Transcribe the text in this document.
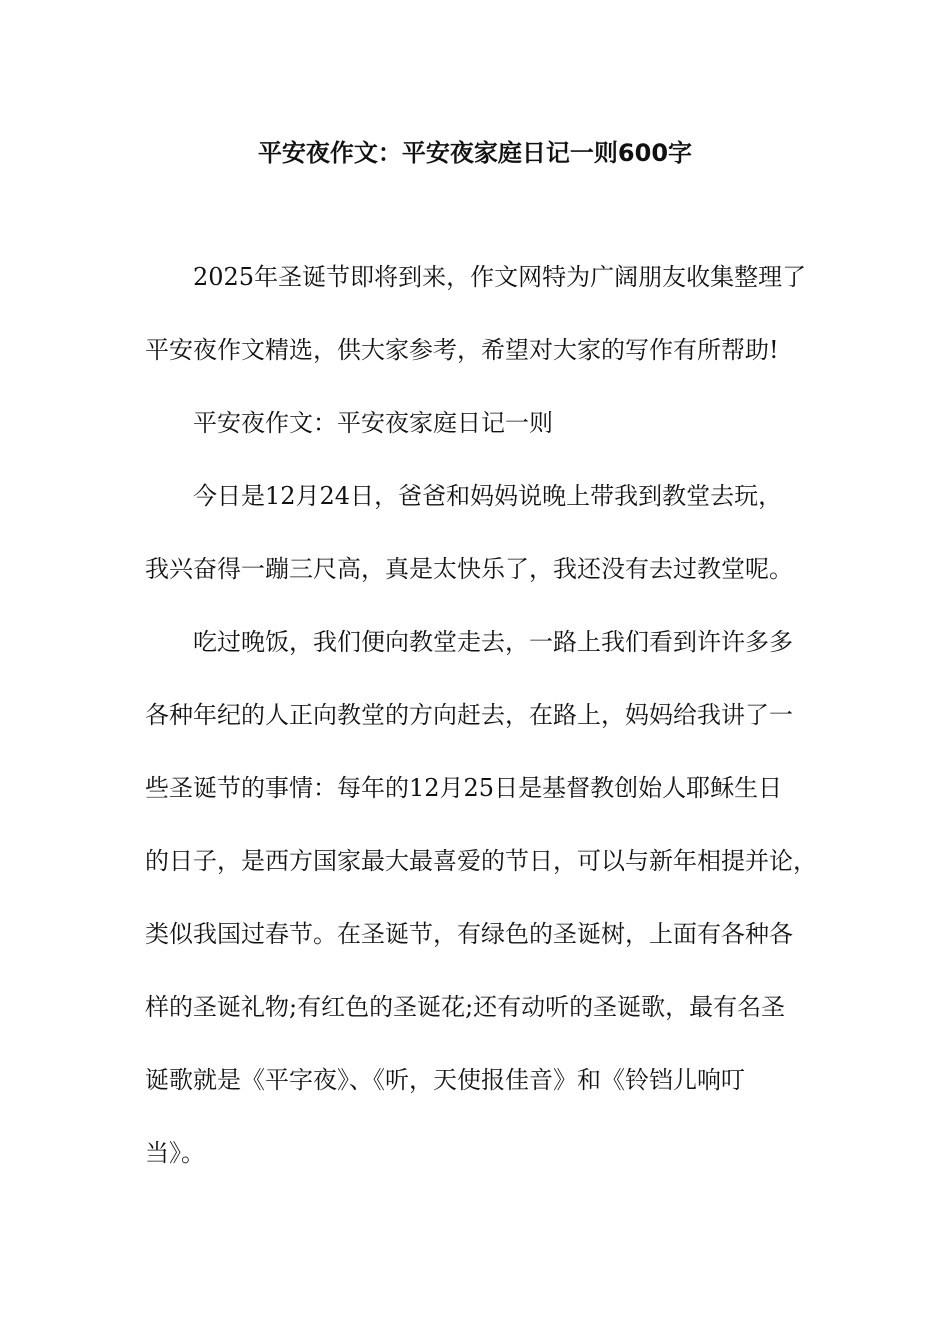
平安夜作文：平安夜家庭日记一则600字
2025年圣诞节即将到来，作文网特为广阔朋友收集整理了
平安夜作文精选，供大家参考，希望对大家的写作有所帮助!
平安夜作文：平安夜家庭日记一则
今日是12月24日，爸爸和妈妈说晚上带我到教堂去玩，
我兴奋得一蹦三尺高，真是太快乐了，我还没有去过教堂呢。
吃过晚饭，我们便向教堂走去，一路上我们看到许许多多
各种年纪的人正向教堂的方向赶去，在路上，妈妈给我讲了一
些圣诞节的事情：每年的12月25日是基督教创始人耶稣生日
的日子，是西方国家最大最喜爱的节日，可以与新年相提并论，
类似我国过春节。在圣诞节，有绿色的圣诞树，上面有各种各
样的圣诞礼物;有红色的圣诞花;还有动听的圣诞歌，最有名圣
诞歌就是《平字夜》、《听，天使报佳音》和《铃铛儿响叮
当》。
